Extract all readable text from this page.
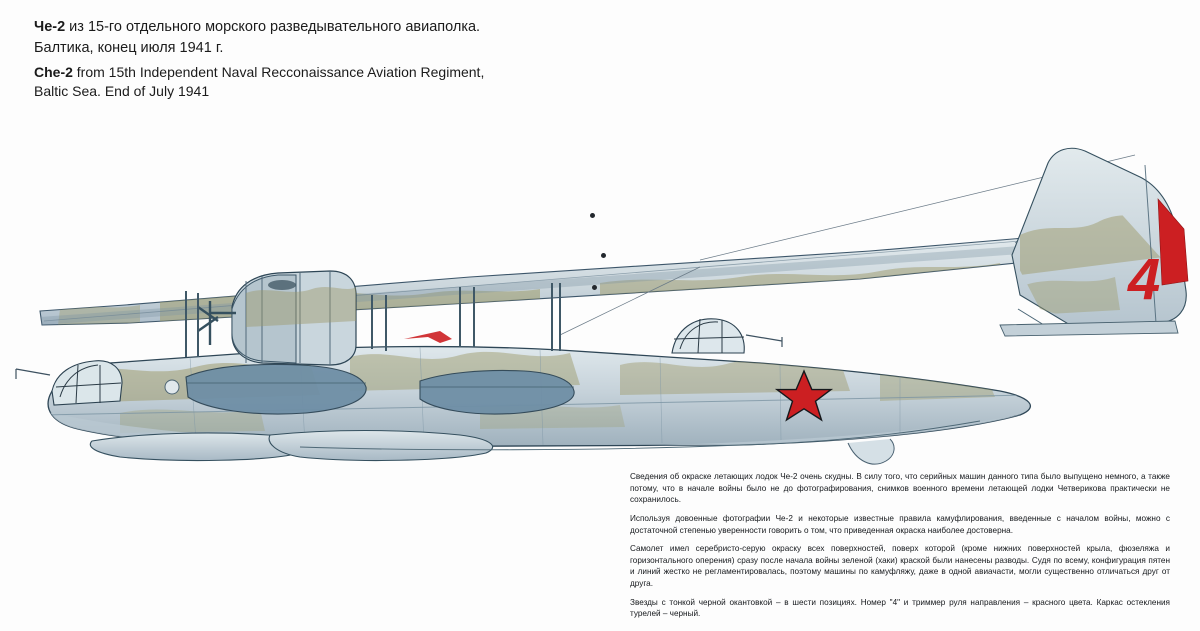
Че-2 из 15-го отдельного морского разведывательного авиаполка.
Балтика, конец июля 1941 г.
Che-2 from 15th Independent Naval Recconaissance Aviation Regiment,
Baltic Sea. End of July 1941
4

Сведения об окраске летающих лодок Че-2 очень скудны. В силу того, что серийных машин данного типа было выпущено немного, а также потому, что в начале войны было не до фотографирования, снимков военного времени летающей лодки Четверикова практически не сохранилось.

Используя довоенные фотографии Че-2 и некоторые известные правила камуфлирования, введенные с началом войны, можно с достаточной степенью уверенности говорить о том, что приведенная окраска наиболее достоверна.

Самолет имел серебристо-серую окраску всех поверхностей, поверх которой (кроме нижних поверхностей крыла, фюзеляжа и горизонтального оперения) сразу после начала войны зеленой (хаки) краской были нанесены разводы. Судя по всему, конфигурация пятен и линий жестко не регламентировалась, поэтому машины по камуфляжу, даже в одной авиачасти, могли существенно отличаться друг от друга.

Звезды с тонкой черной окантовкой – в шести позициях. Номер "4" и триммер руля направления – красного цвета. Каркас остекления турелей – черный.
